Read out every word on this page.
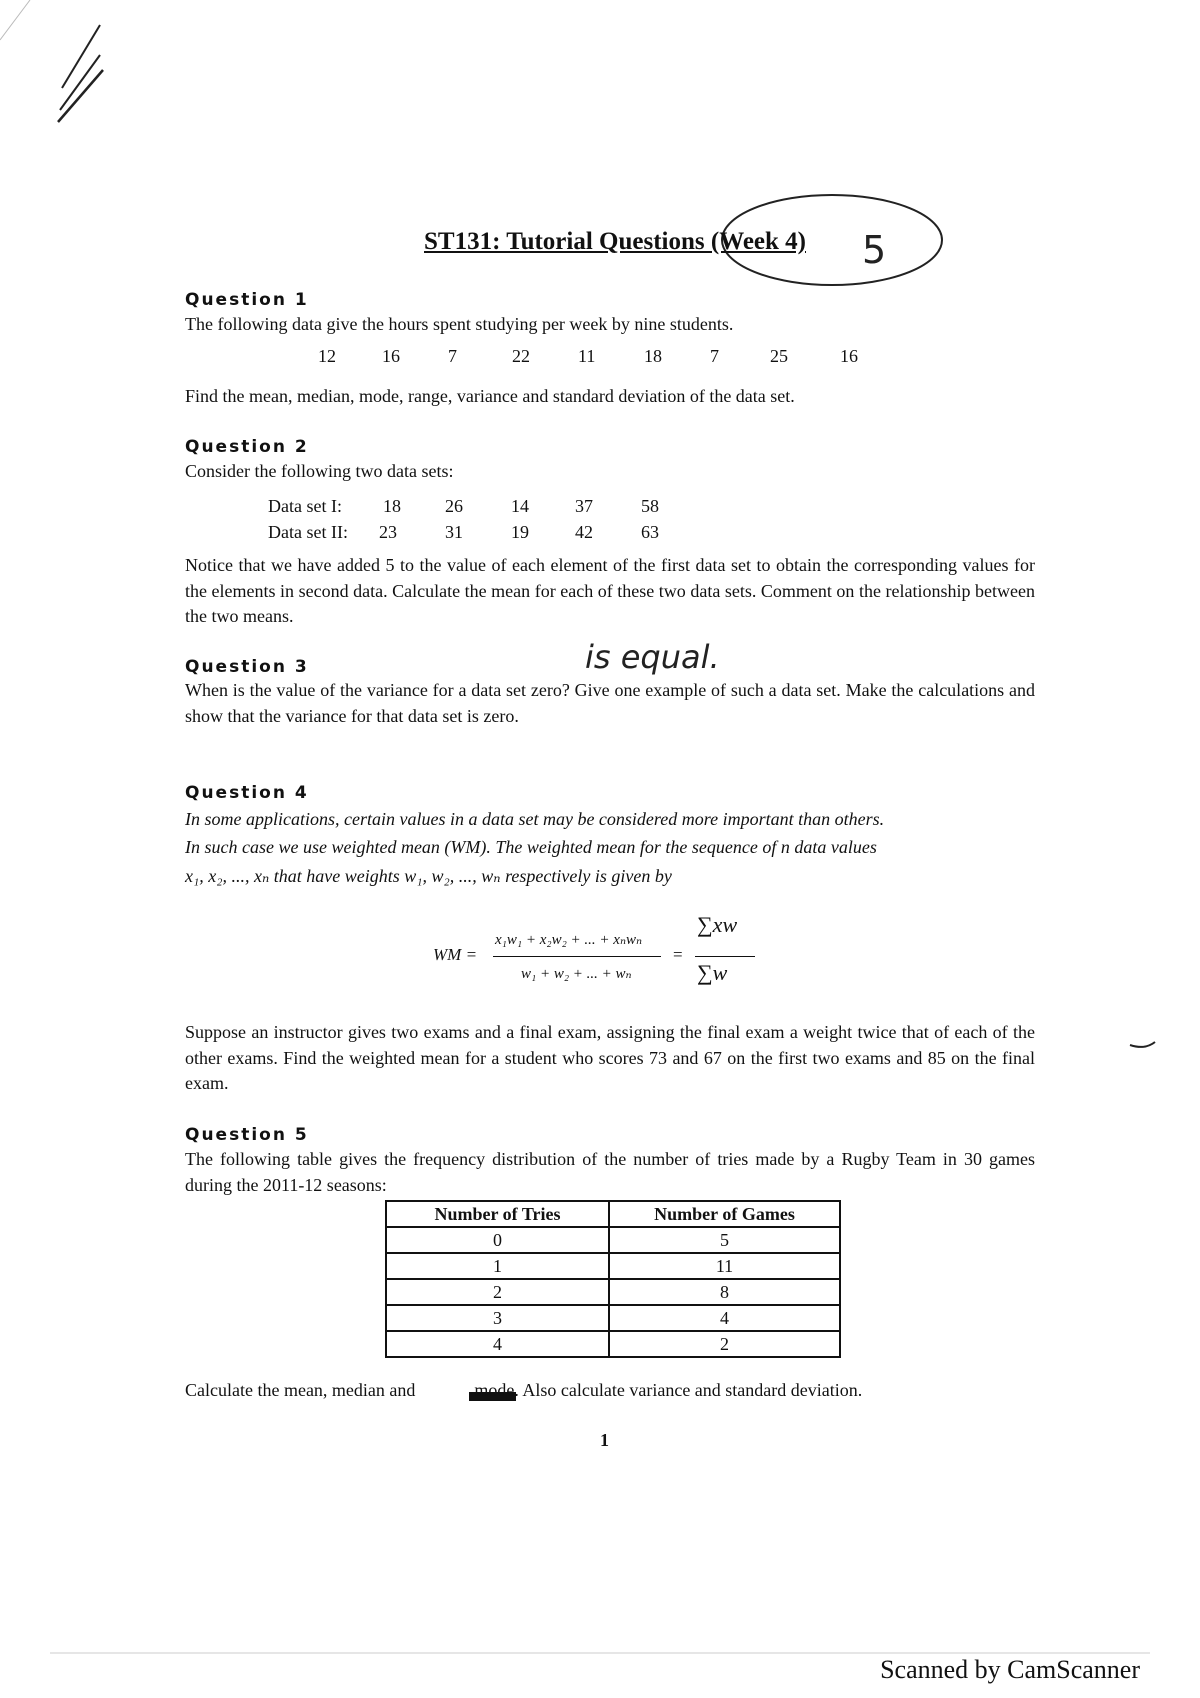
ST131: Tutorial Questions (Week 4)	5
Question 1
The following data give the hours spent studying per week by nine students.
12	16	7	22	11	18	7	25	16
Find the mean, median, mode, range, variance and standard deviation of the data set.
Question 2
Consider the following two data sets:
Data set I: 18 26	14	37	58
Data set II: 23	31	19	42	63
Notice that we have added 5 to the value of each element of the first data set to obtain the corresponding values for the elements in second data. Calculate the mean for each of these two data sets. Comment on the relationship between the two means.
Question 3	is equal.
When is the value of the variance for a data set zero? Give one example of such a data set. Make the calculations and show that the variance for that data set is zero.
Question 4
In some applications, certain values in a data set may be considered more important than others.
In such case we use weighted mean (WM). The weighted mean for the sequence of n data values
x₁, x₂, ..., xₙ that have weights w₁, w₂, ..., wₙ respectively is given by
WM =
x₁w₁ + x₂w₂ + ... + xₙwₙ
w₁ + w₂ + ... + wₙ
=
∑xw
∑w
Suppose an instructor gives two exams and a final exam, assigning the final exam a weight twice that of each of the other exams. Find the weighted mean for a student who scores 73 and 67 on the first two exams and 85 on the final exam.
Question 5
The following table gives the frequency distribution of the number of tries made by a Rugby Team in 30 games during the 2011-12 seasons:
Number of Tries	Number of Games
0	5
1	11
2	8
3	4
4	2
Calculate the mean, median and	mode. Also calculate variance and standard deviation.
1
Scanned by CamScanner
